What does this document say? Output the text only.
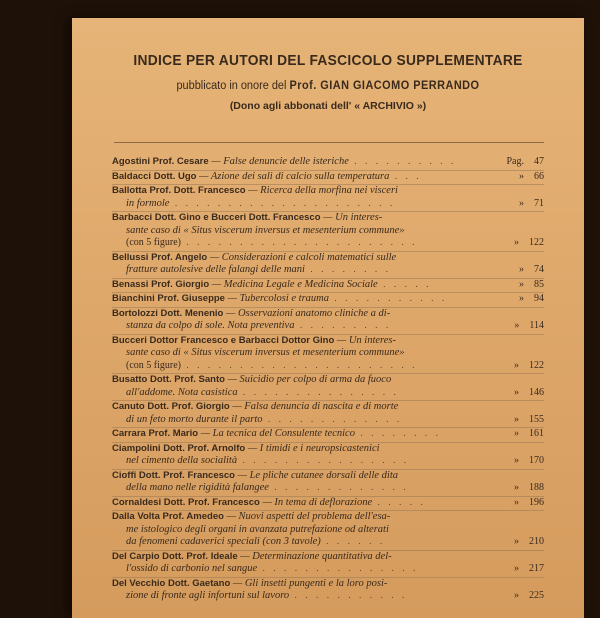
INDICE PER AUTORI DEL FASCICOLO SUPPLEMENTARE
pubblicato in onore del Prof. GIAN GIACOMO PERRANDO
(Dono agli abbonati dell' « ARCHIVIO »)
Agostini Prof. Cesare — False denuncie delle isteriche . . . . . . . . . .	Pag. 47
Baldacci Dott. Ugo — Azione dei sali di calcio sulla temperatura . . .	» 66
Ballotta Prof. Dott. Francesco — Ricerca della morfina nei visceri
in formole . . . . . . . . . . . . . . . . . . . . .	» 71
Barbacci Dott. Gino e Bucceri Dott. Francesco — Un interes-
sante caso di « Situs viscerum inversus et mesenterium commune»
(con 5 figure) . . . . . . . . . . . . . . . . . . . . . .	» 122
Bellussi Prof. Angelo — Considerazioni e calcoli matematici sulle
fratture autolesive delle falangi delle mani . . . . . . . .	» 74
Benassi Prof. Giorgio — Medicina Legale e Medicina Sociale . . . . .	» 85
Bianchini Prof. Giuseppe — Tubercolosi e trauma . . . . . . . . . . .	» 94
Bortolozzi Dott. Menenio — Osservazioni anatomo cliniche a di-
stanza da colpo di sole. Nota preventiva . . . . . . . . .	» 114
Bucceri Dottor Francesco e Barbacci Dottor Gino — Un interes-
sante caso di « Situs viscerum inversus et mesenterium commune»
(con 5 figure) . . . . . . . . . . . . . . . . . . . . . .	» 122
Busatto Dott. Prof. Santo — Suicidio per colpo di arma da fuoco
all'addome. Nota casistica . . . . . . . . . . . . . . .	» 146
Canuto Dott. Prof. Giorgio — Falsa denuncia di nascita e di morte
di un feto morto durante il parto . . . . . . . . . . . . .	» 155
Carrara Prof. Mario — La tecnica del Consulente tecnico . . . . . . . .	» 161
Ciampolini Dott. Prof. Arnolfo — I timidi e i neuropsicastenici
nel cimento della socialità . . . . . . . . . . . . . . . .	» 170
Cioffi Dott. Prof. Francesco — Le pliche cutanee dorsali delle dita
della mano nelle rigidità falangee . . . . . . . . . . . . .	» 188
Cornaldesi Dott. Prof. Francesco — In tema di deflorazione . . . . .	» 196
Dalla Volta Prof. Amedeo — Nuovi aspetti del problema dell'esa-
me istologico degli organi in avanzata putrefazione od alterati
da fenomeni cadaverici speciali (con 3 tavole) . . . . . .	» 210
Del Carpio Dott. Prof. Ideale — Determinazione quantitativa del-
l'ossido di carbonio nel sangue . . . . . . . . . . . . . . .	» 217
Del Vecchio Dott. Gaetano — Gli insetti pungenti e la loro posi-
zione di fronte agli infortuni sul lavoro . . . . . . . . . . .	» 225
